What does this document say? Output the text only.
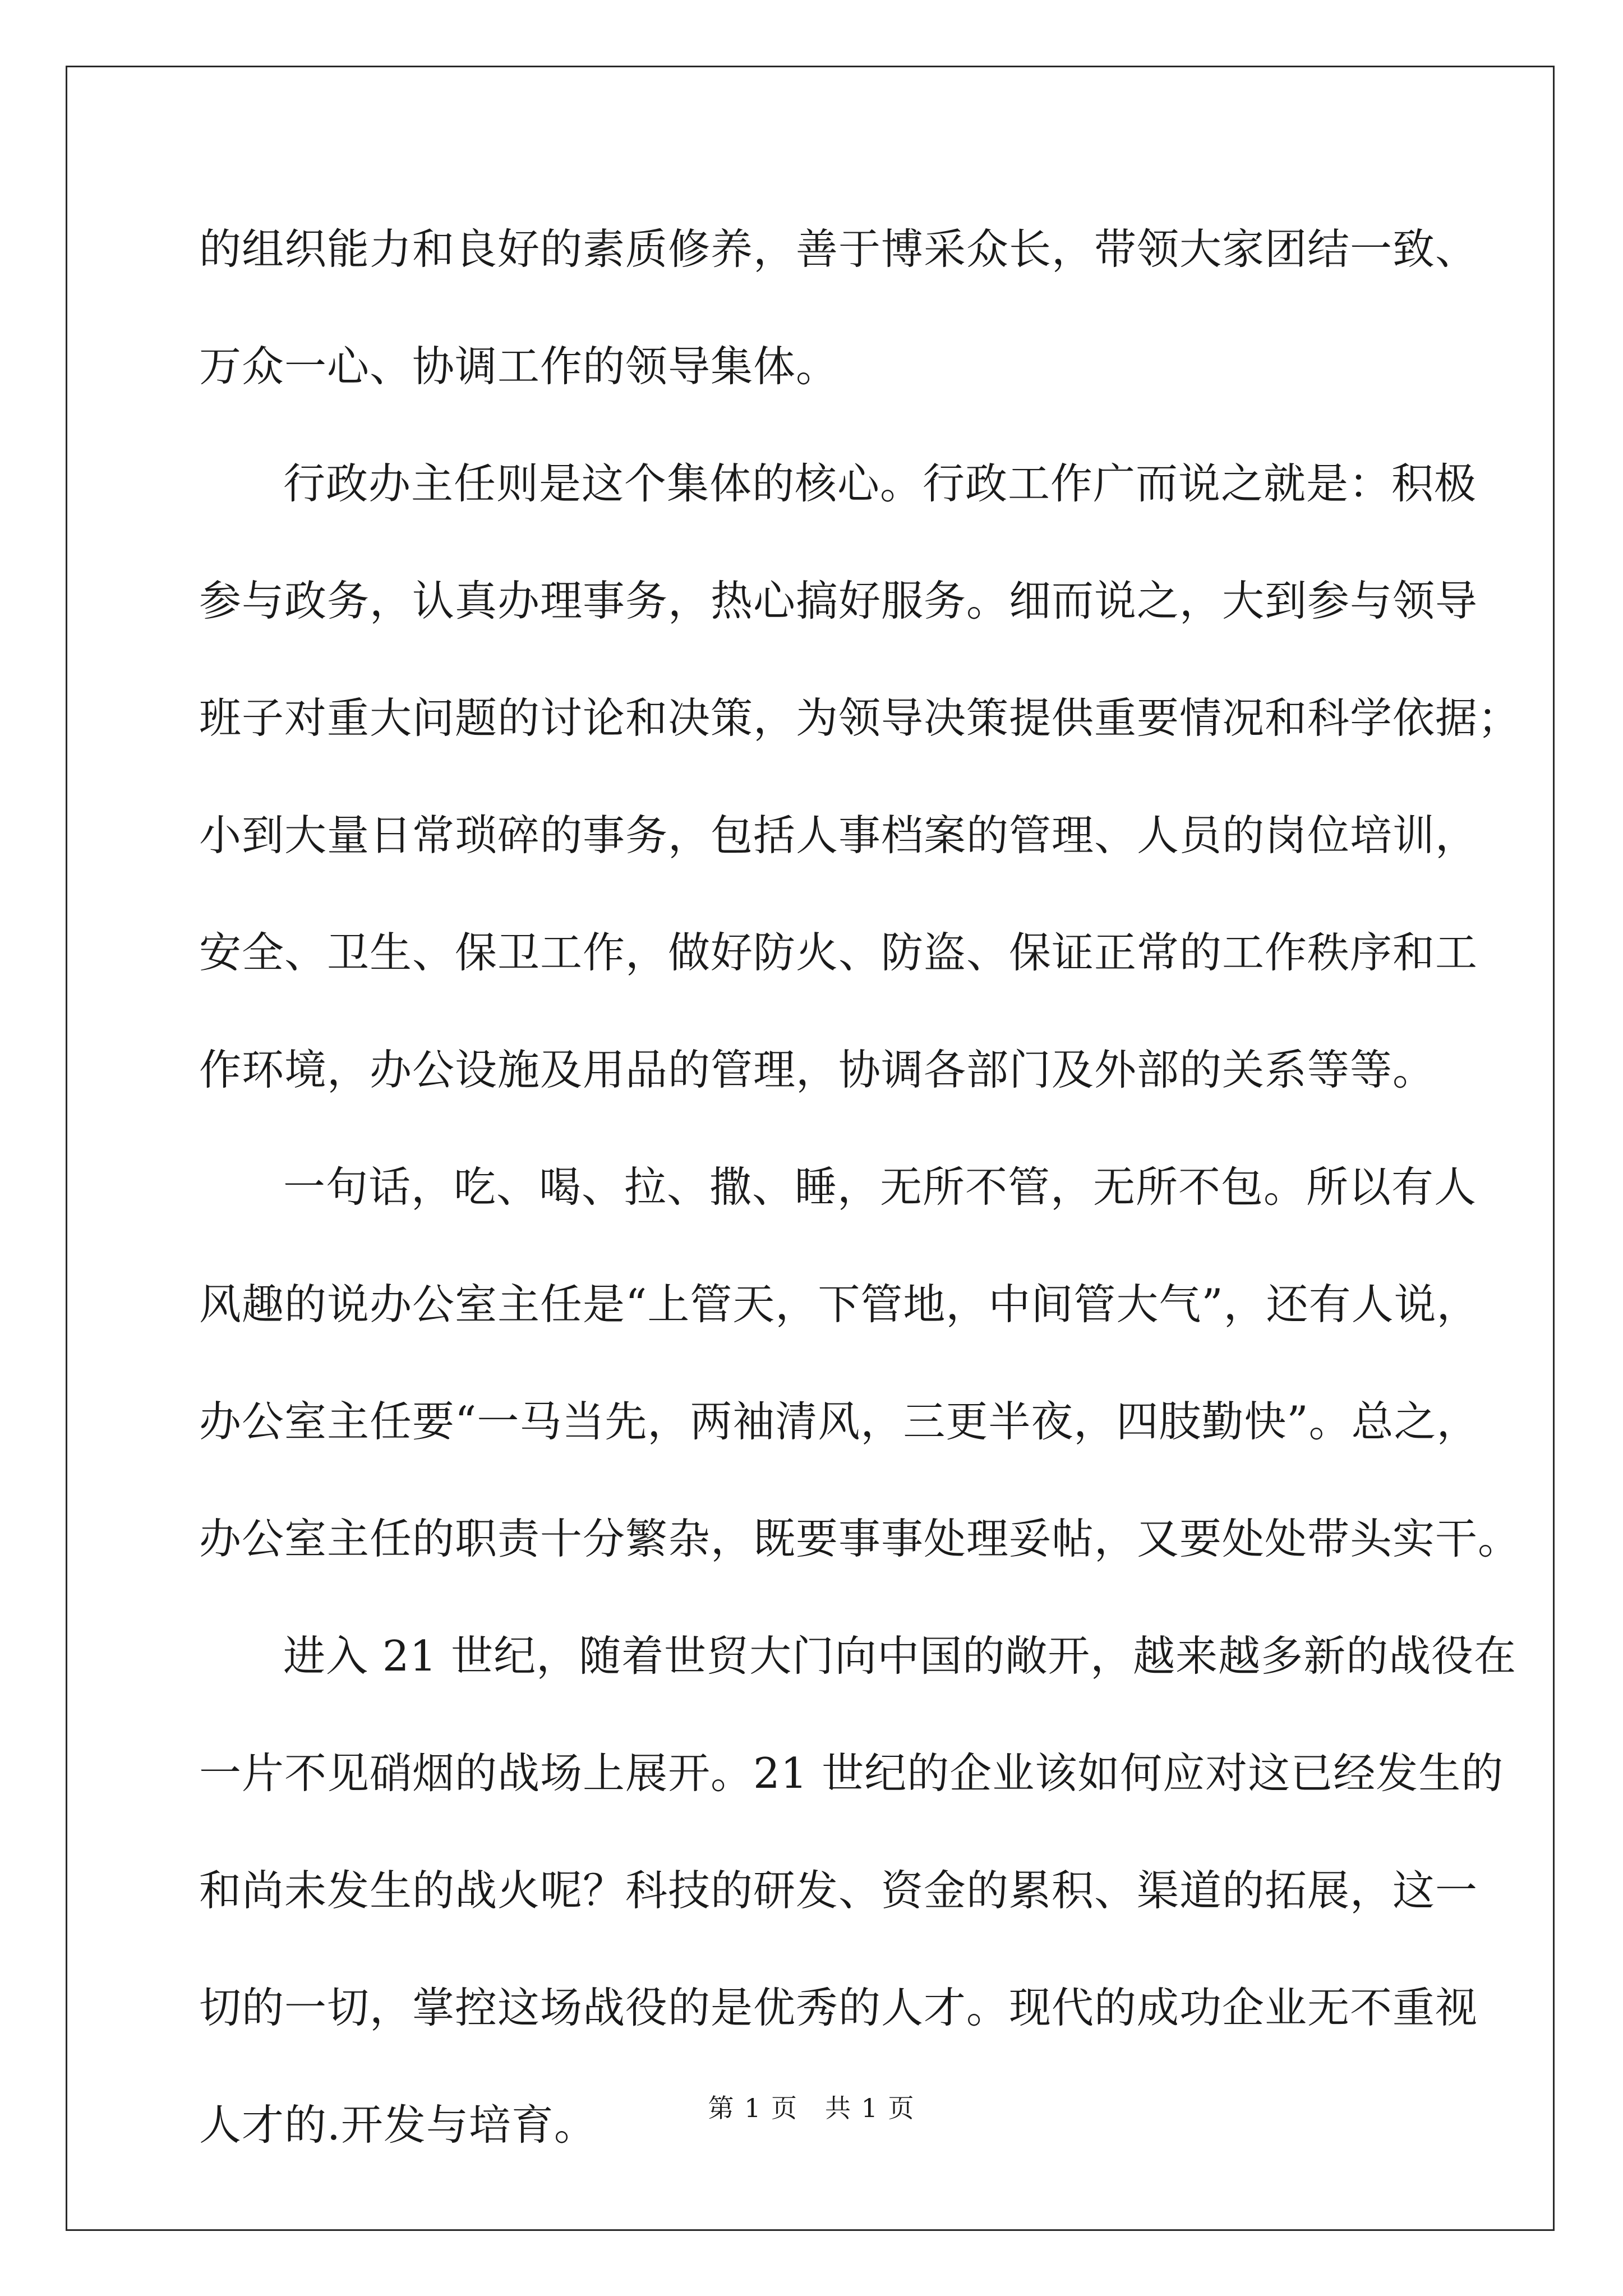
的组织能力和良好的素质修养，善于博采众长，带领大家团结一致、
万众一心、协调工作的领导集体。
行政办主任则是这个集体的核心。行政工作广而说之就是：积极
参与政务，认真办理事务，热心搞好服务。细而说之，大到参与领导
班子对重大问题的讨论和决策，为领导决策提供重要情况和科学依据；
小到大量日常琐碎的事务，包括人事档案的管理、人员的岗位培训，
安全、卫生、保卫工作，做好防火、防盗、保证正常的工作秩序和工
作环境，办公设施及用品的管理，协调各部门及外部的关系等等。
一句话，吃、喝、拉、撒、睡，无所不管，无所不包。所以有人
风趣的说办公室主任是“上管天，下管地，中间管大气”，还有人说，
办公室主任要“一马当先，两袖清风，三更半夜，四肢勤快”。总之，
办公室主任的职责十分繁杂，既要事事处理妥帖，又要处处带头实干。
进入 21 世纪，随着世贸大门向中国的敞开，越来越多新的战役在
一片不见硝烟的战场上展开。21 世纪的企业该如何应对这已经发生的
和尚未发生的战火呢？科技的研发、资金的累积、渠道的拓展，这一
切的一切，掌控这场战役的是优秀的人才。现代的成功企业无不重视
人才的.开发与培育。	第 1 页　共 1 页
